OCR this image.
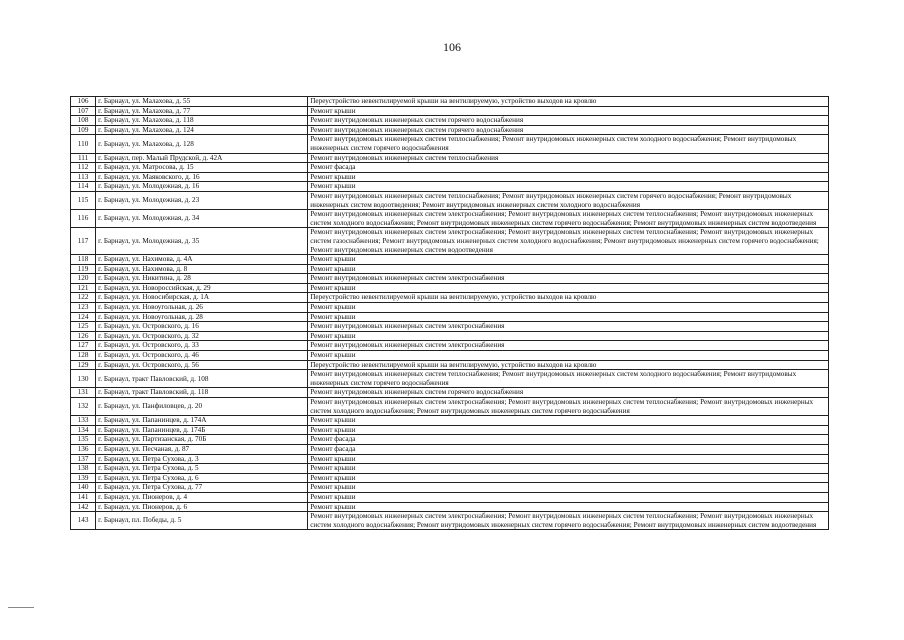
106
106	г. Барнаул, ул. Малахова, д. 55	Переустройство невентилируемой крыши на вентилируемую, устройство выходов на кровлю
107	г. Барнаул, ул. Малахова, д. 77	Ремонт крыши
108	г. Барнаул, ул. Малахова, д. 118	Ремонт внутридомовых инженерных систем горячего водоснабжения
109	г. Барнаул, ул. Малахова, д. 124	Ремонт внутридомовых инженерных систем горячего водоснабжения
110	г. Барнаул, ул. Малахова, д. 128	Ремонт внутридомовых инженерных систем теплоснабжения; Ремонт внутридомовых инженерных систем холодного водоснабжения; Ремонт внутридомовых инженерных систем горячего водоснабжения
111	г. Барнаул, пер. Малый Прудской, д. 42А	Ремонт внутридомовых инженерных систем теплоснабжения
112	г. Барнаул, ул. Матросова, д. 15	Ремонт фасада
113	г. Барнаул, ул. Маяковского, д. 16	Ремонт крыши
114	г. Барнаул, ул. Молодежная, д. 16	Ремонт крыши
115	г. Барнаул, ул. Молодежная, д. 23	Ремонт внутридомовых инженерных систем теплоснабжения; Ремонт внутридомовых инженерных систем горячего водоснабжения; Ремонт внутридомовых инженерных систем водоотведения; Ремонт внутридомовых инженерных систем холодного водоснабжения
116	г. Барнаул, ул. Молодежная, д. 34	Ремонт внутридомовых инженерных систем электроснабжения; Ремонт внутридомовых инженерных систем теплоснабжения; Ремонт внутридомовых инженерных систем холодного водоснабжения; Ремонт внутридомовых инженерных систем горячего водоснабжения; Ремонт внутридомовых инженерных систем водоотведения
117	г. Барнаул, ул. Молодежная, д. 35	Ремонт внутридомовых инженерных систем электроснабжения; Ремонт внутридомовых инженерных систем теплоснабжения; Ремонт внутридомовых инженерных систем газоснабжения; Ремонт внутридомовых инженерных систем холодного водоснабжения; Ремонт внутридомовых инженерных систем горячего водоснабжения; Ремонт внутридомовых инженерных систем водоотведения
118	г. Барнаул, ул. Нахимова, д. 4А	Ремонт крыши
119	г. Барнаул, ул. Нахимова, д. 8	Ремонт крыши
120	г. Барнаул, ул. Никитина, д. 28	Ремонт внутридомовых инженерных систем электроснабжения
121	г. Барнаул, ул. Новороссийская, д. 29	Ремонт крыши
122	г. Барнаул, ул. Новосибирская, д. 1А	Переустройство невентилируемой крыши на вентилируемую, устройство выходов на кровлю
123	г. Барнаул, ул. Новоугольная, д. 26	Ремонт крыши
124	г. Барнаул, ул. Новоугольная, д. 28	Ремонт крыши
125	г. Барнаул, ул. Островского, д. 16	Ремонт внутридомовых инженерных систем электроснабжения
126	г. Барнаул, ул. Островского, д. 32	Ремонт крыши
127	г. Барнаул, ул. Островского, д. 33	Ремонт внутридомовых инженерных систем электроснабжения
128	г. Барнаул, ул. Островского, д. 46	Ремонт крыши
129	г. Барнаул, ул. Островского, д. 56	Переустройство невентилируемой крыши на вентилируемую, устройство выходов на кровлю
130	г. Барнаул, тракт Павловский, д. 108	Ремонт внутридомовых инженерных систем теплоснабжения; Ремонт внутридомовых инженерных систем холодного водоснабжения; Ремонт внутридомовых инженерных систем горячего водоснабжения
131	г. Барнаул, тракт Павловский, д. 118	Ремонт внутридомовых инженерных систем горячего водоснабжения
132	г. Барнаул, ул. Панфиловцев, д. 20	Ремонт внутридомовых инженерных систем электроснабжения; Ремонт внутридомовых инженерных систем теплоснабжения; Ремонт внутридомовых инженерных систем холодного водоснабжения; Ремонт внутридомовых инженерных систем горячего водоснабжения
133	г. Барнаул, ул. Папанинцев, д. 174А	Ремонт крыши
134	г. Барнаул, ул. Папанинцев, д. 174Б	Ремонт крыши
135	г. Барнаул, ул. Партизанская, д. 70Б	Ремонт фасада
136	г. Барнаул, ул. Песчаная, д. 87	Ремонт фасада
137	г. Барнаул, ул. Петра Сухова, д. 3	Ремонт крыши
138	г. Барнаул, ул. Петра Сухова, д. 5	Ремонт крыши
139	г. Барнаул, ул. Петра Сухова, д. 6	Ремонт крыши
140	г. Барнаул, ул. Петра Сухова, д. 77	Ремонт крыши
141	г. Барнаул, ул. Пионеров, д. 4	Ремонт крыши
142	г. Барнаул, ул. Пионеров, д. 6	Ремонт крыши
143	г. Барнаул, пл. Победы, д. 5	Ремонт внутридомовых инженерных систем электроснабжения; Ремонт внутридомовых инженерных систем теплоснабжения; Ремонт внутридомовых инженерных систем холодного водоснабжения; Ремонт внутридомовых инженерных систем горячего водоснабжения; Ремонт внутридомовых инженерных систем водоотведения
